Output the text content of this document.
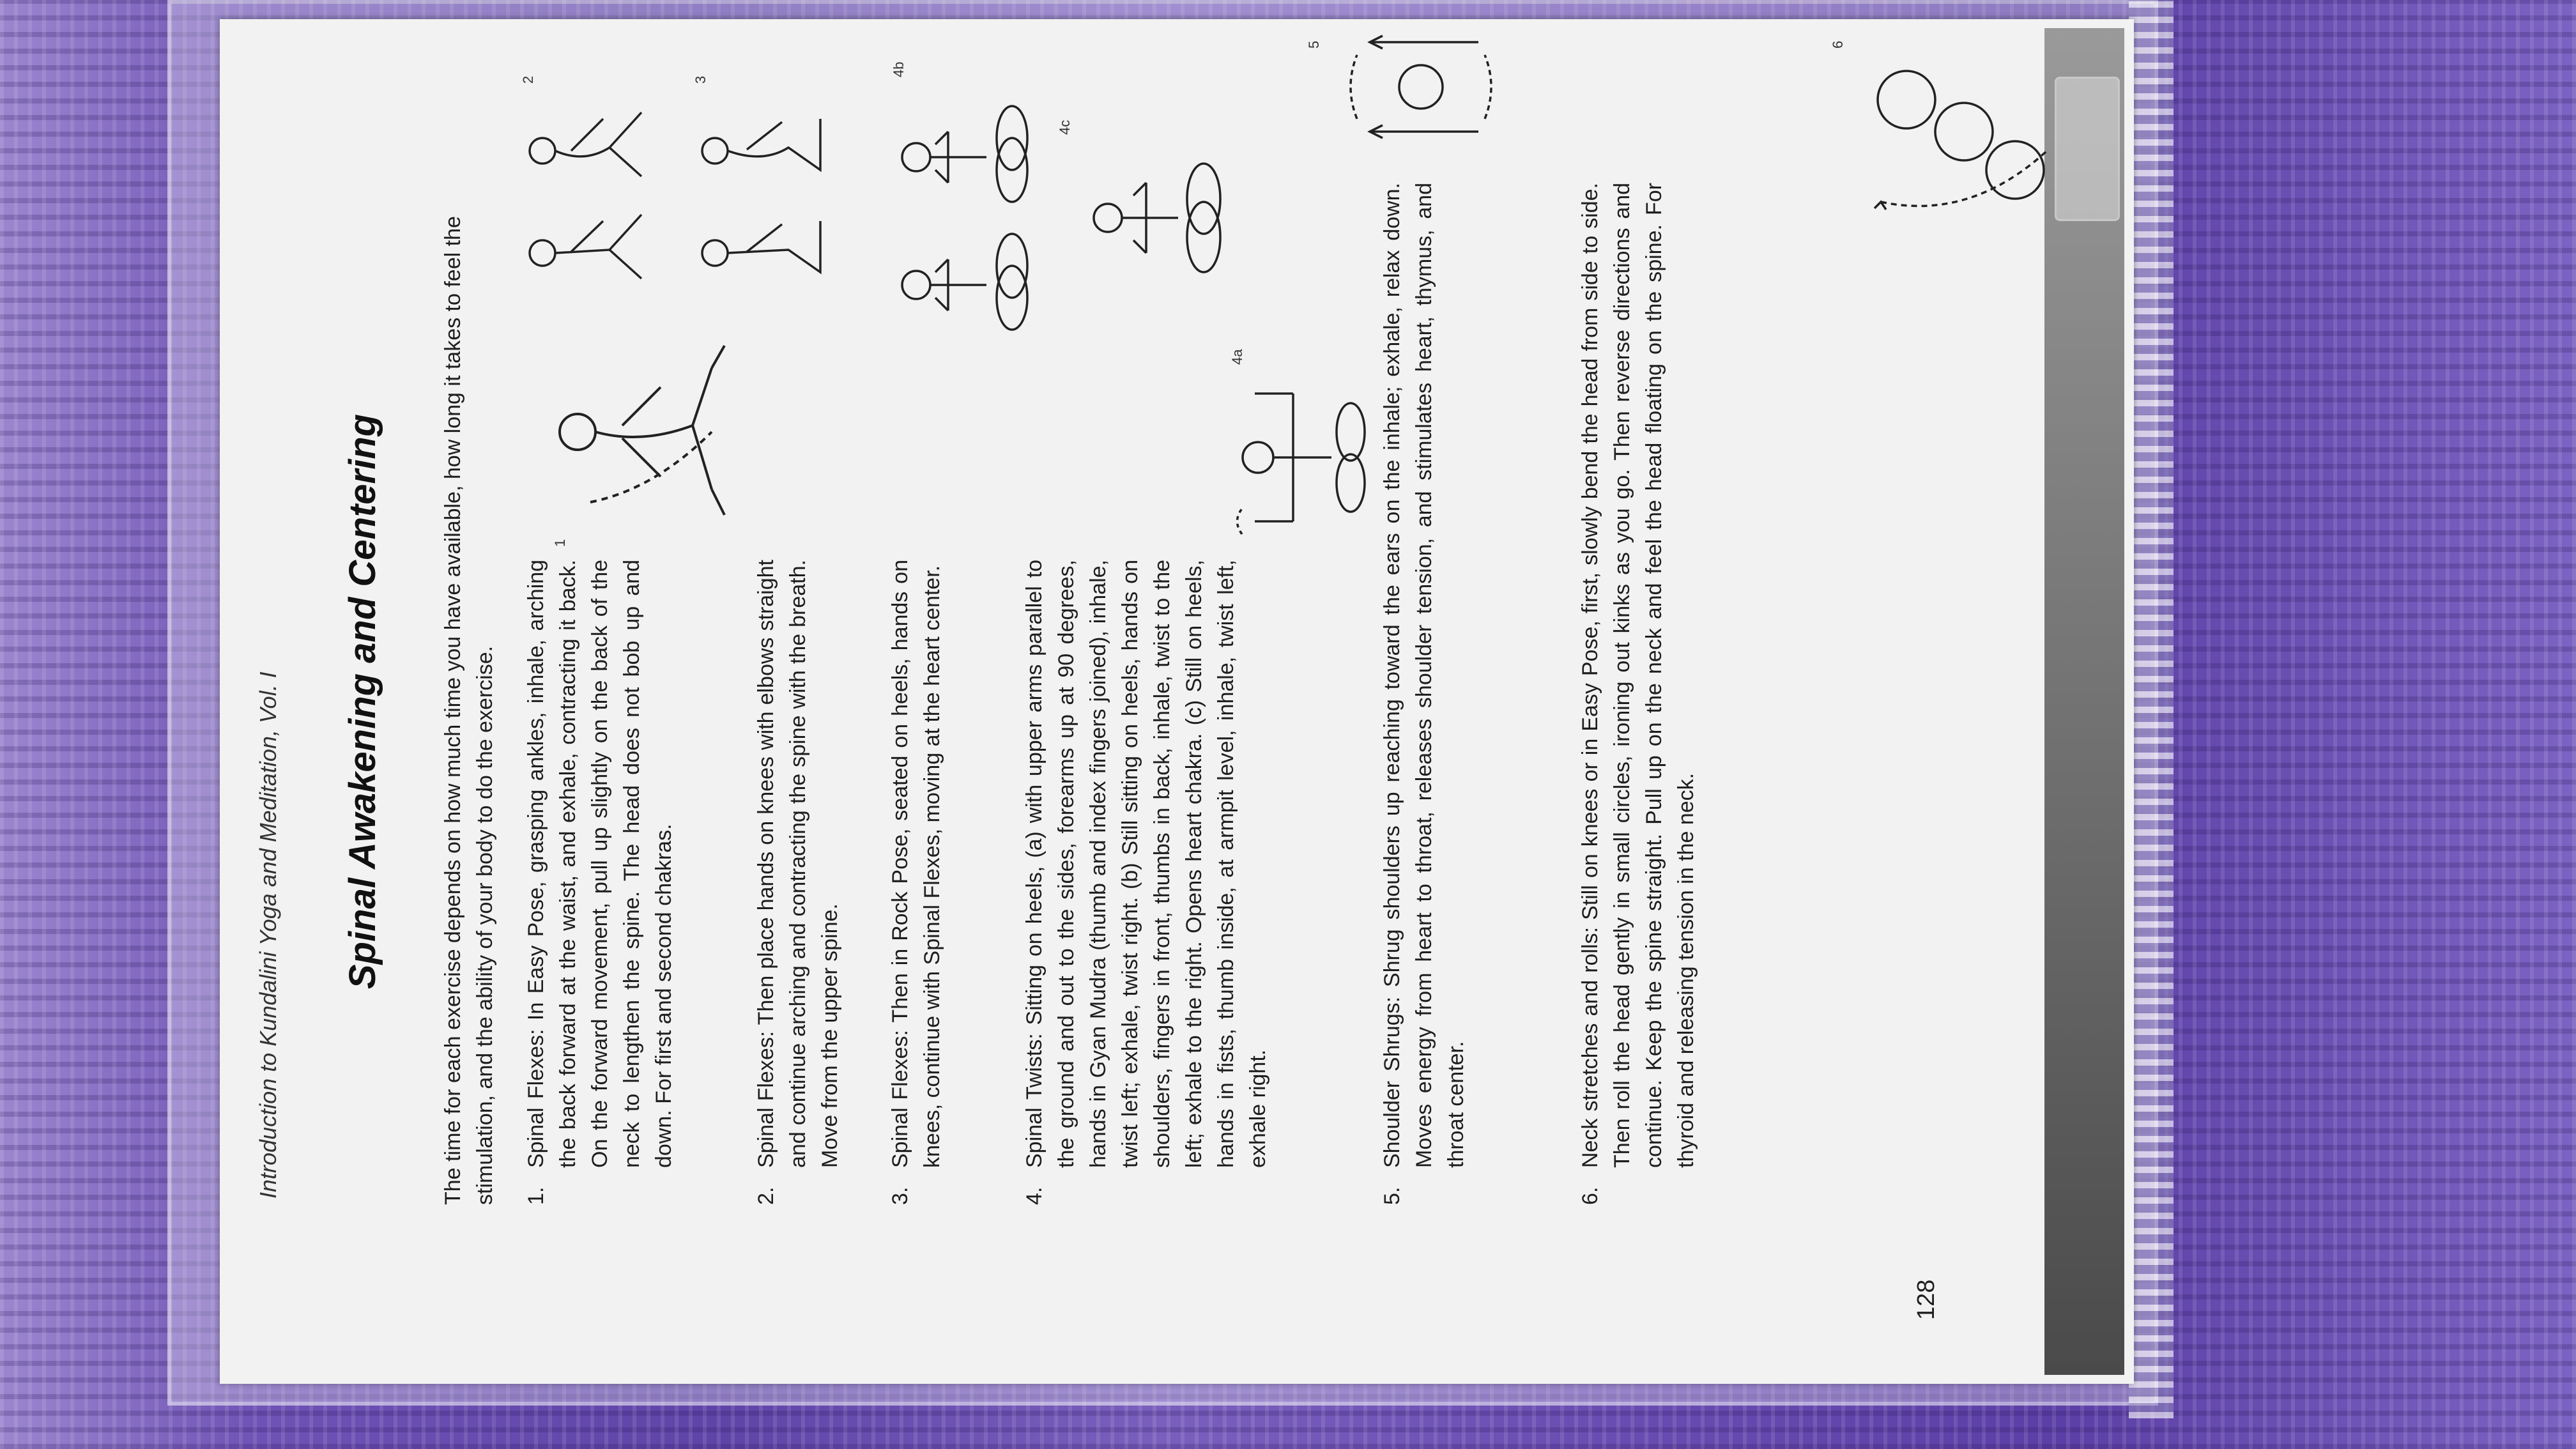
Introduction to Kundalini Yoga and Meditation, Vol. I Spinal Awakening and Centering	The time for each exercise depends on how much time you have available, how long it takes to feel the stimulation, and the ability of your body to do the exercise. 1.
Spinal Flexes: In Easy Pose, grasping ankles, inhale, arching the back forward at the waist, and exhale, contracting it back. On the forward movement, pull up slightly on the back of the neck to lengthen the spine. The head does not bob up and down. For first and second chakras.
2.
Spinal Flexes: Then place hands on knees with elbows straight and continue arching and contracting the spine with the breath. Move from the upper spine.
3.
Spinal Flexes: Then in Rock Pose, seated on heels, hands on knees, continue with Spinal Flexes, moving at the heart center.
4.
Spinal Twists: Sitting on heels, (a) with upper arms parallel to the ground and out to the sides, forearms up at 90 degrees, hands in Gyan Mudra (thumb and index fingers joined), inhale, twist left; exhale, twist right. (b) Still sitting on heels, hands on shoulders, fingers in front, thumbs in back, inhale, twist to the left; exhale to the right. Opens heart chakra. (c) Still on heels, hands in fists, thumb inside, at armpit level, inhale, twist left, exhale right.
5.
Shoulder Shrugs: Shrug shoulders up reaching toward the ears on the inhale; exhale, relax down. Moves energy from heart to throat, releases shoulder tension, and stimulates heart, thymus, and throat center.
6.
Neck stretches and rolls: Still on knees or in Easy Pose, first, slowly bend the head from side to side. Then roll the head gently in small circles, ironing out kinks as you go. Then reverse directions and continue. Keep the spine straight. Pull up on the neck and feel the head floating on the spine. For thyroid and releasing tension in the neck.
1
2	3
4a
4b
4c
5	6
128
